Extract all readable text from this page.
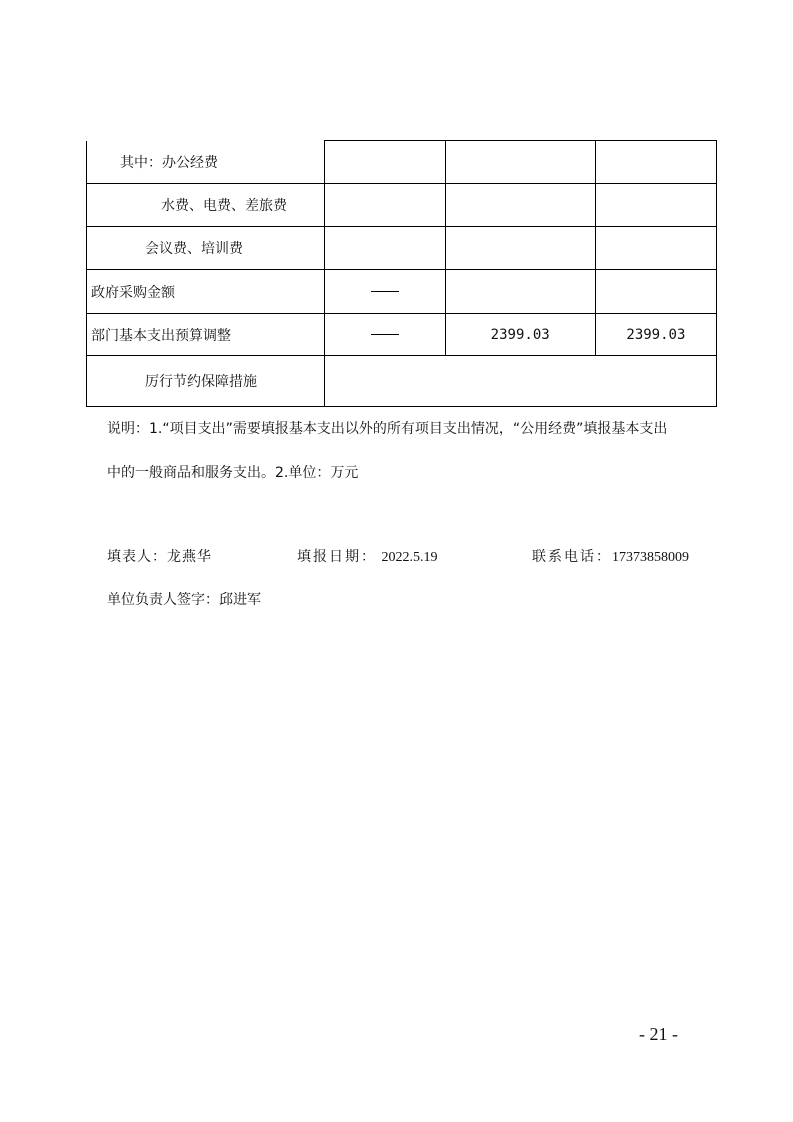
其中：办公经费			
水费、电费、差旅费			
会议费、培训费			
政府采购金额			
部门基本支出预算调整		2399.03	2399.03
厉行节约保障措施			
说明：1.“项目支出”需要填报基本支出以外的所有项目支出情况，“公用经费”填报基本支出
中的一般商品和服务支出。2.单位：万元
填表人：龙燕华	填报日期： 2022.5.19	联系电话：17373858009
单位负责人签字：邱进军
- 21 -
